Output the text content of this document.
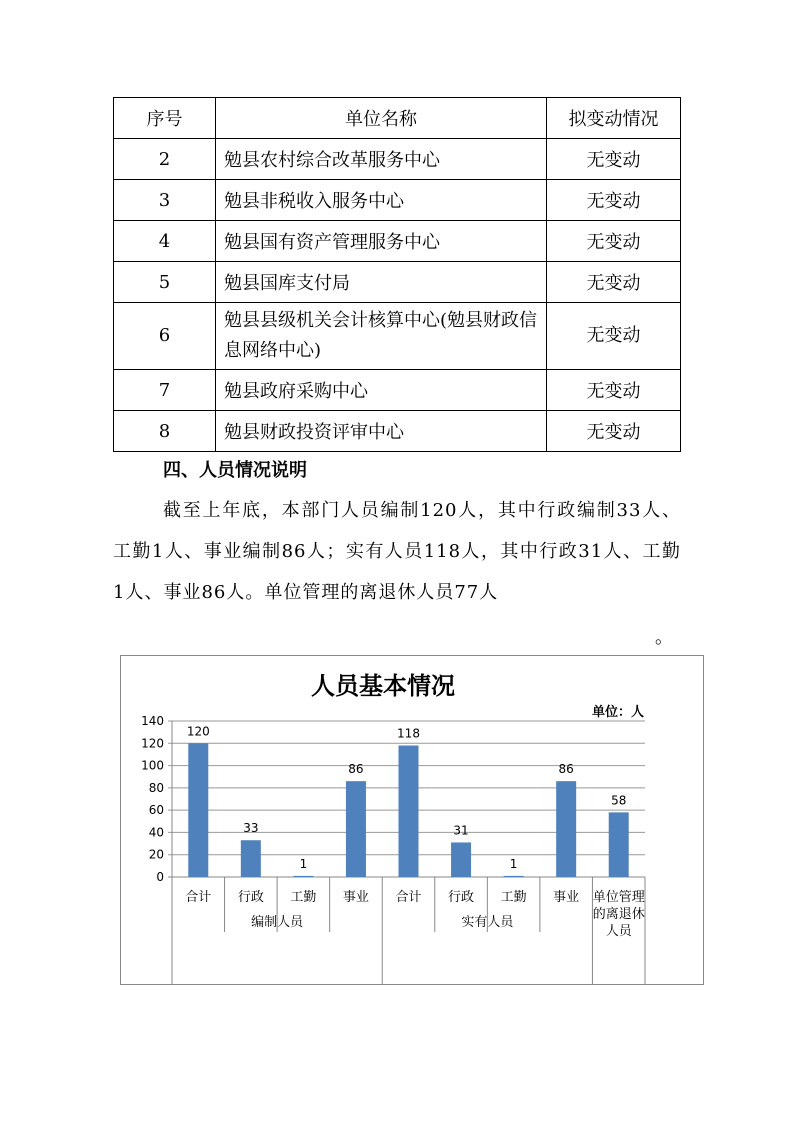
序号	单位名称	拟变动情况
2	勉县农村综合改革服务中心	无变动
3	勉县非税收入服务中心	无变动
4	勉县国有资产管理服务中心	无变动
5	勉县国库支付局	无变动
6	勉县县级机关会计核算中心(勉县财政信息网络中心)	无变动
7	勉县政府采购中心	无变动
8	勉县财政投资评审中心	无变动
四、人员情况说明
截至上年底，本部门人员编制120人，其中行政编制33人、工勤1人、事业编制86人；实有人员118人，其中行政31人、工勤1人、事业86人。单位管理的离退休人员77人
。
人员基本情况
单位：人
0
20
40
60
80
100
120
140
120
合计
33
行政
1
工勤
86
事业
118
合计
31
行政
1
工勤
86
事业
58
单位管理的离退休人员
编制人员	实有人员
